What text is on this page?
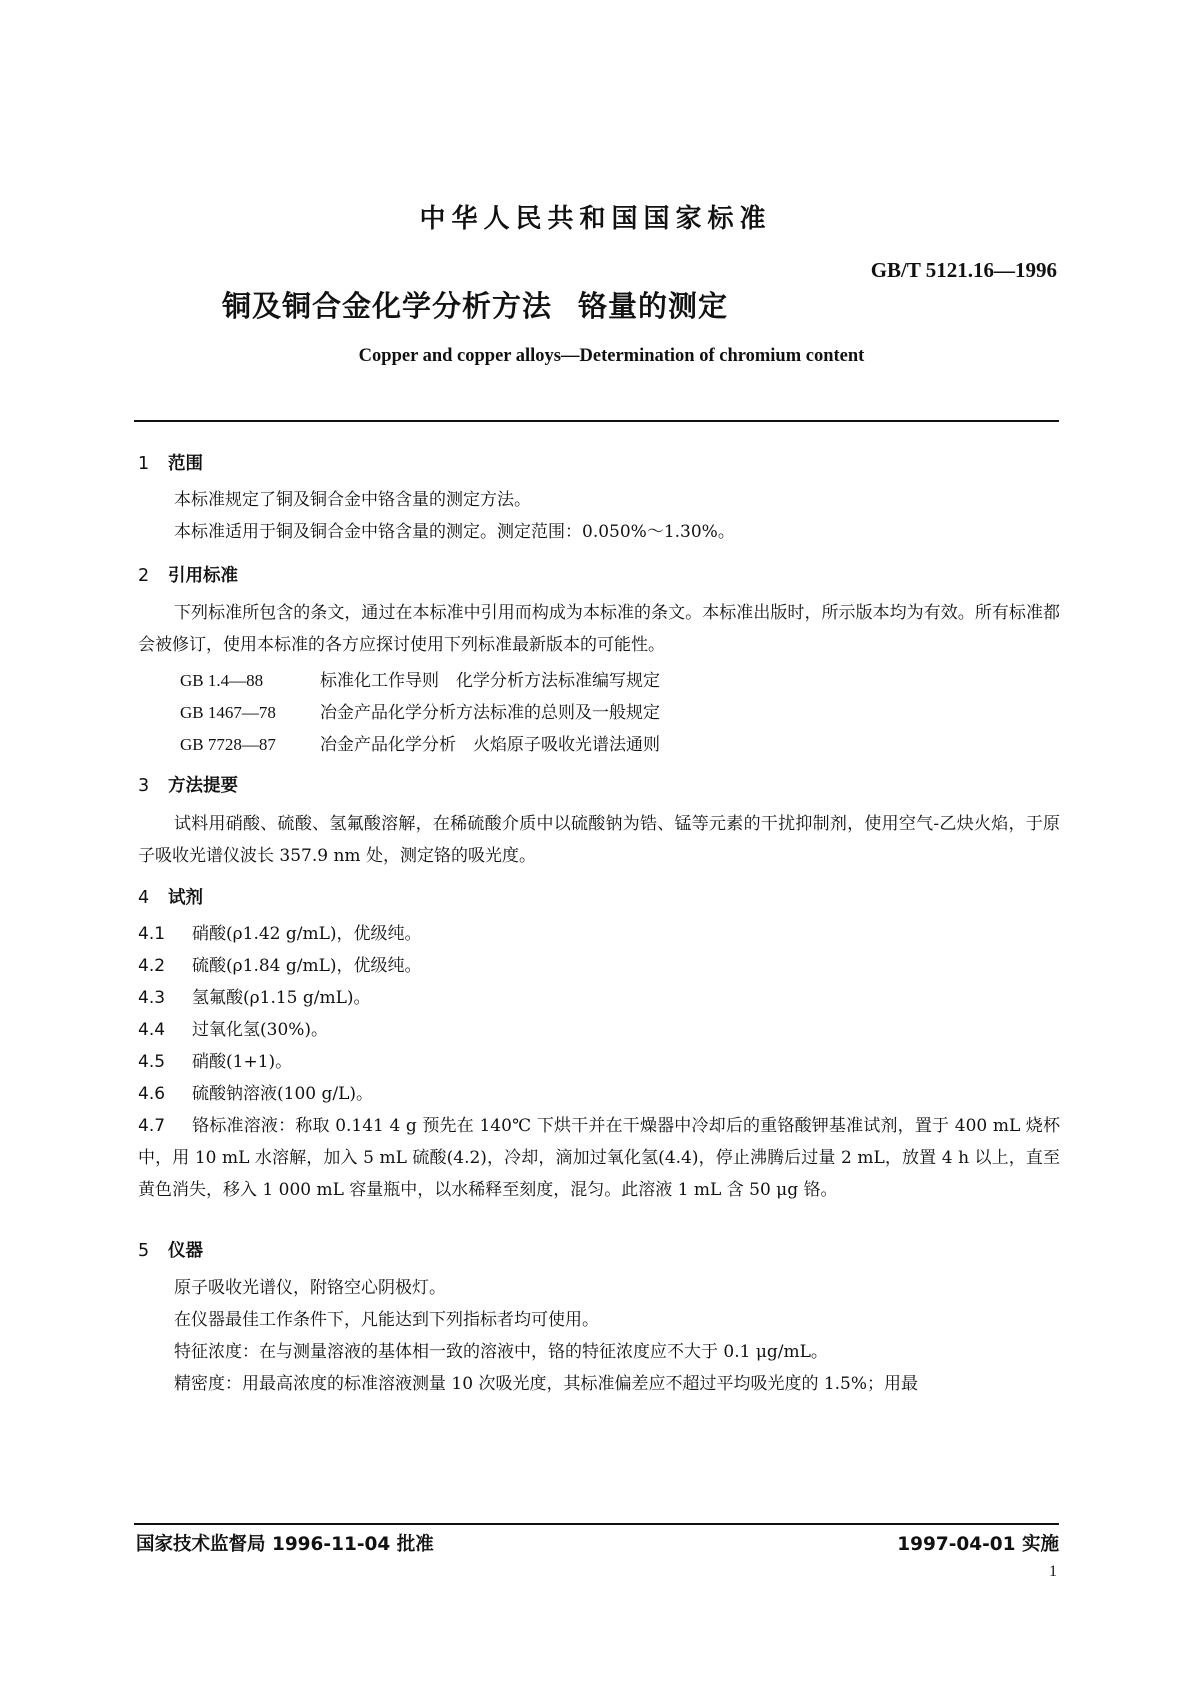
中华人民共和国国家标准
GB/T 5121.16—1996
铜及铜合金化学分析方法 铬量的测定
Copper and copper alloys—Determination of chromium content
1 范围

本标准规定了铜及铜合金中铬含量的测定方法。

本标准适用于铜及铜合金中铬含量的测定。测定范围：0.050%～1.30%。

2 引用标准

下列标准所包含的条文，通过在本标准中引用而构成为本标准的条文。本标准出版时，所示版本均为有效。所有标准都会被修订，使用本标准的各方应探讨使用下列标准最新版本的可能性。

GB 1.4—88	标准化工作导则　化学分析方法标准编写规定
GB 1467—78	冶金产品化学分析方法标准的总则及一般规定
GB 7728—87	冶金产品化学分析　火焰原子吸收光谱法通则
3 方法提要

试料用硝酸、硫酸、氢氟酸溶解，在稀硫酸介质中以硫酸钠为锆、锰等元素的干扰抑制剂，使用空气-乙炔火焰，于原子吸收光谱仪波长 357.9 nm 处，测定铬的吸光度。

4 试剂

4.1 硝酸(ρ1.42 g/mL)，优级纯。

4.2 硫酸(ρ1.84 g/mL)，优级纯。

4.3 氢氟酸(ρ1.15 g/mL)。

4.4 过氧化氢(30%)。

4.5 硝酸(1+1)。

4.6 硫酸钠溶液(100 g/L)。

4.7 铬标准溶液：称取 0.141 4 g 预先在 140℃ 下烘干并在干燥器中冷却后的重铬酸钾基准试剂，置于 400 mL 烧杯中，用 10 mL 水溶解，加入 5 mL 硫酸(4.2)，冷却，滴加过氧化氢(4.4)，停止沸腾后过量 2 mL，放置 4 h 以上，直至黄色消失，移入 1 000 mL 容量瓶中，以水稀释至刻度，混匀。此溶液 1 mL 含 50 μg 铬。

5 仪器

原子吸收光谱仪，附铬空心阴极灯。

在仪器最佳工作条件下，凡能达到下列指标者均可使用。

特征浓度：在与测量溶液的基体相一致的溶液中，铬的特征浓度应不大于 0.1 μg/mL。

精密度：用最高浓度的标准溶液测量 10 次吸光度，其标准偏差应不超过平均吸光度的 1.5%；用最

国家技术监督局 1996-11-04 批准	1997-04-01 实施
1
